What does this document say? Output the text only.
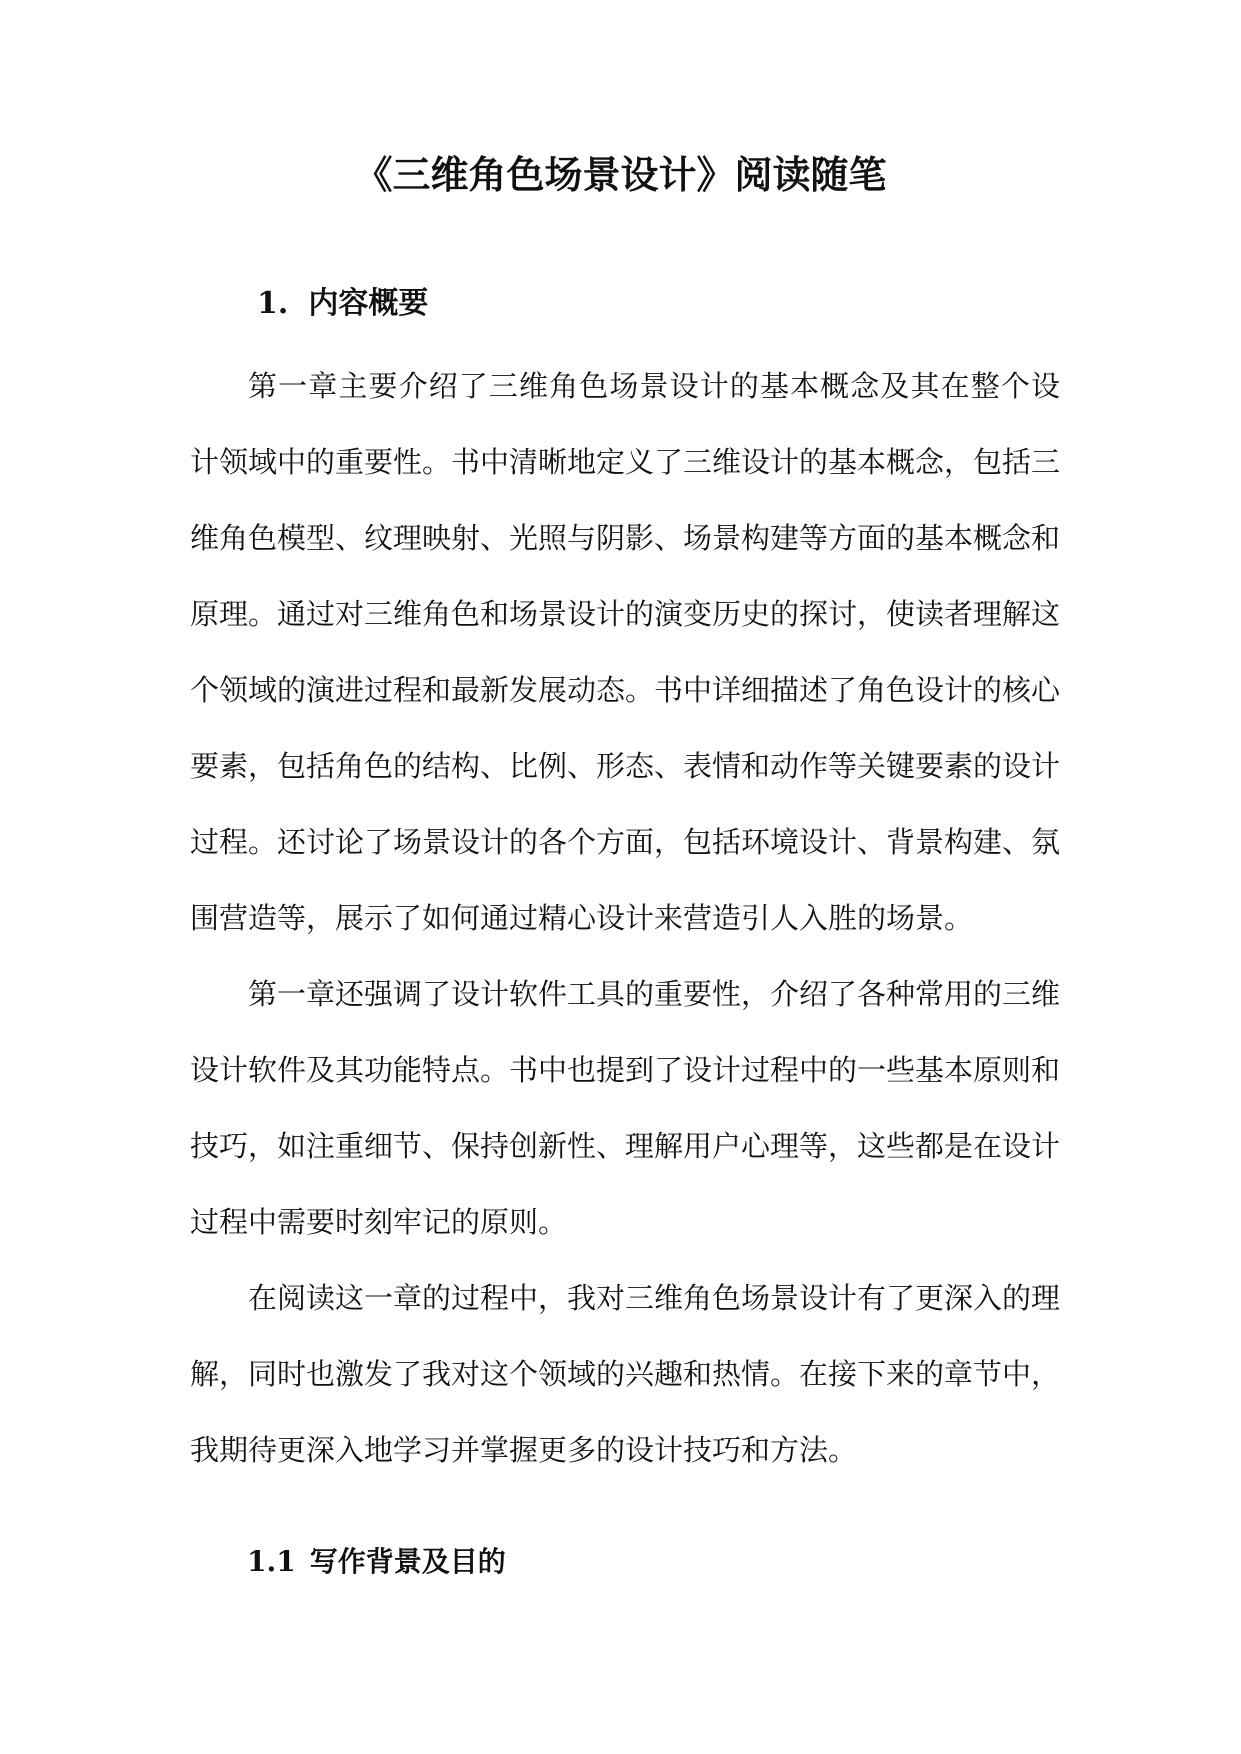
《三维角色场景设计》阅读随笔
1. 内容概要
第一章主要介绍了三维角色场景设计的基本概念及其在整个设
计领域中的重要性。书中清晰地定义了三维设计的基本概念，包括三
维角色模型、纹理映射、光照与阴影、场景构建等方面的基本概念和
原理。通过对三维角色和场景设计的演变历史的探讨，使读者理解这
个领域的演进过程和最新发展动态。书中详细描述了角色设计的核心
要素，包括角色的结构、比例、形态、表情和动作等关键要素的设计
过程。还讨论了场景设计的各个方面，包括环境设计、背景构建、氛
围营造等，展示了如何通过精心设计来营造引人入胜的场景。
第一章还强调了设计软件工具的重要性，介绍了各种常用的三维
设计软件及其功能特点。书中也提到了设计过程中的一些基本原则和
技巧，如注重细节、保持创新性、理解用户心理等，这些都是在设计
过程中需要时刻牢记的原则。
在阅读这一章的过程中，我对三维角色场景设计有了更深入的理
解，同时也激发了我对这个领域的兴趣和热情。在接下来的章节中，
我期待更深入地学习并掌握更多的设计技巧和方法。
1.1 写作背景及目的
